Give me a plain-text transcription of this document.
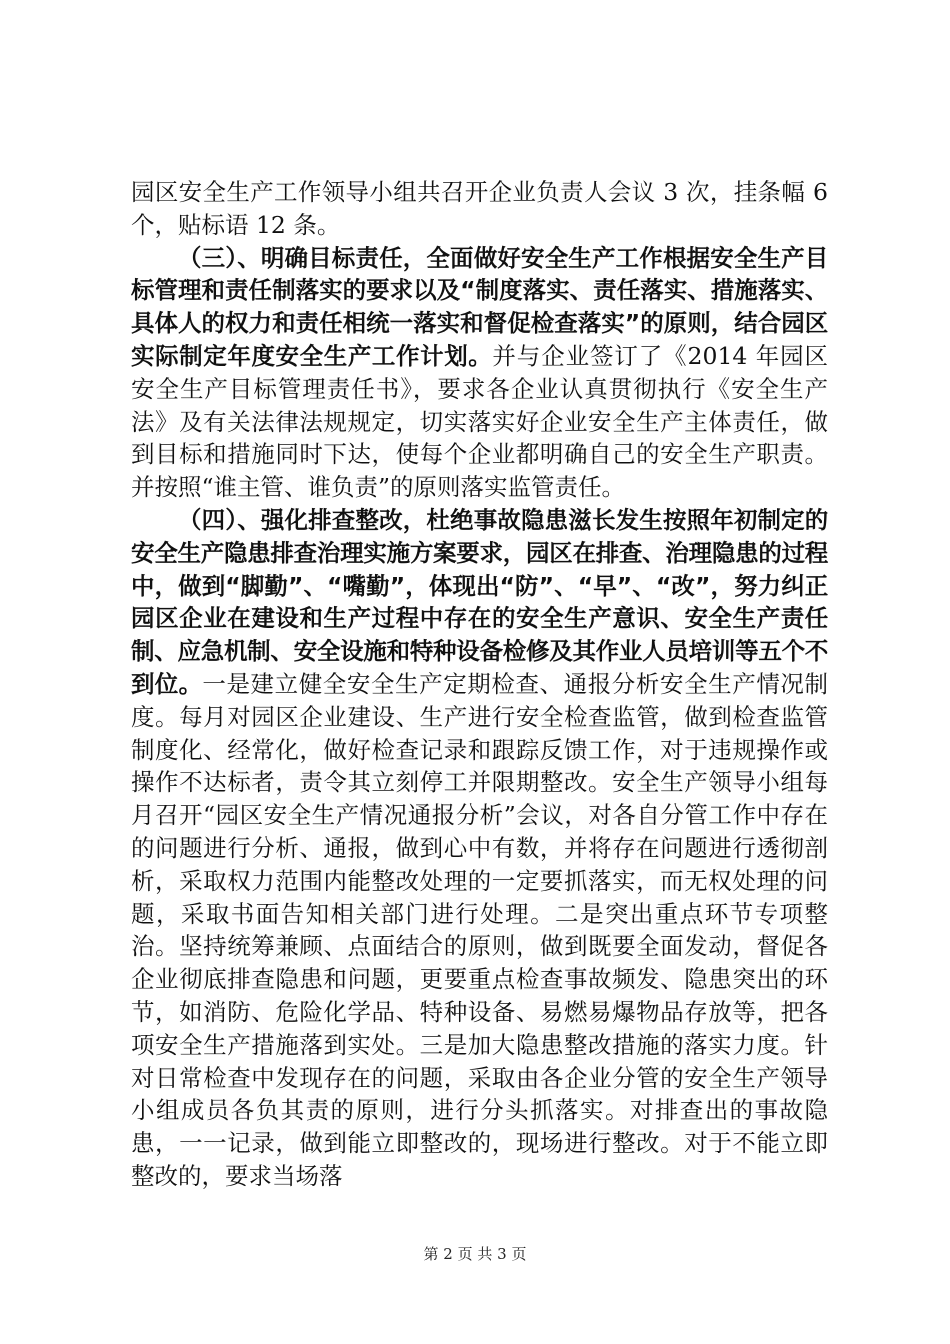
园区安全生产工作领导小组共召开企业负责人会议 3 次，挂条幅 6 个，贴标语 12 条。

（三）、明确目标责任，全面做好安全生产工作根据安全生产目标管理和责任制落实的要求以及“制度落实、责任落实、措施落实、具体人的权力和责任相统一落实和督促检查落实”的原则，结合园区实际制定年度安全生产工作计划。并与企业签订了《2014 年园区安全生产目标管理责任书》，要求各企业认真贯彻执行《安全生产法》及有关法律法规规定，切实落实好企业安全生产主体责任，做到目标和措施同时下达，使每个企业都明确自己的安全生产职责。并按照“谁主管、谁负责”的原则落实监管责任。

（四）、强化排查整改，杜绝事故隐患滋长发生按照年初制定的安全生产隐患排查治理实施方案要求，园区在排查、治理隐患的过程中，做到“脚勤”、“嘴勤”，体现出“防”、“早”、“改”，努力纠正园区企业在建设和生产过程中存在的安全生产意识、安全生产责任制、应急机制、安全设施和特种设备检修及其作业人员培训等五个不到位。一是建立健全安全生产定期检查、通报分析安全生产情况制度。每月对园区企业建设、生产进行安全检查监管，做到检查监管制度化、经常化，做好检查记录和跟踪反馈工作，对于违规操作或操作不达标者，责令其立刻停工并限期整改。安全生产领导小组每月召开“园区安全生产情况通报分析”会议，对各自分管工作中存在的问题进行分析、通报，做到心中有数，并将存在问题进行透彻剖析，采取权力范围内能整改处理的一定要抓落实，而无权处理的问题，采取书面告知相关部门进行处理。二是突出重点环节专项整治。坚持统筹兼顾、点面结合的原则，做到既要全面发动，督促各企业彻底排查隐患和问题，更要重点检查事故频发、隐患突出的环节，如消防、危险化学品、特种设备、易燃易爆物品存放等，把各项安全生产措施落到实处。三是加大隐患整改措施的落实力度。针对日常检查中发现存在的问题，采取由各企业分管的安全生产领导小组成员各负其责的原则，进行分头抓落实。对排查出的事故隐患，一一记录，做到能立即整改的，现场进行整改。对于不能立即整改的，要求当场落

第 2 页 共 3 页
